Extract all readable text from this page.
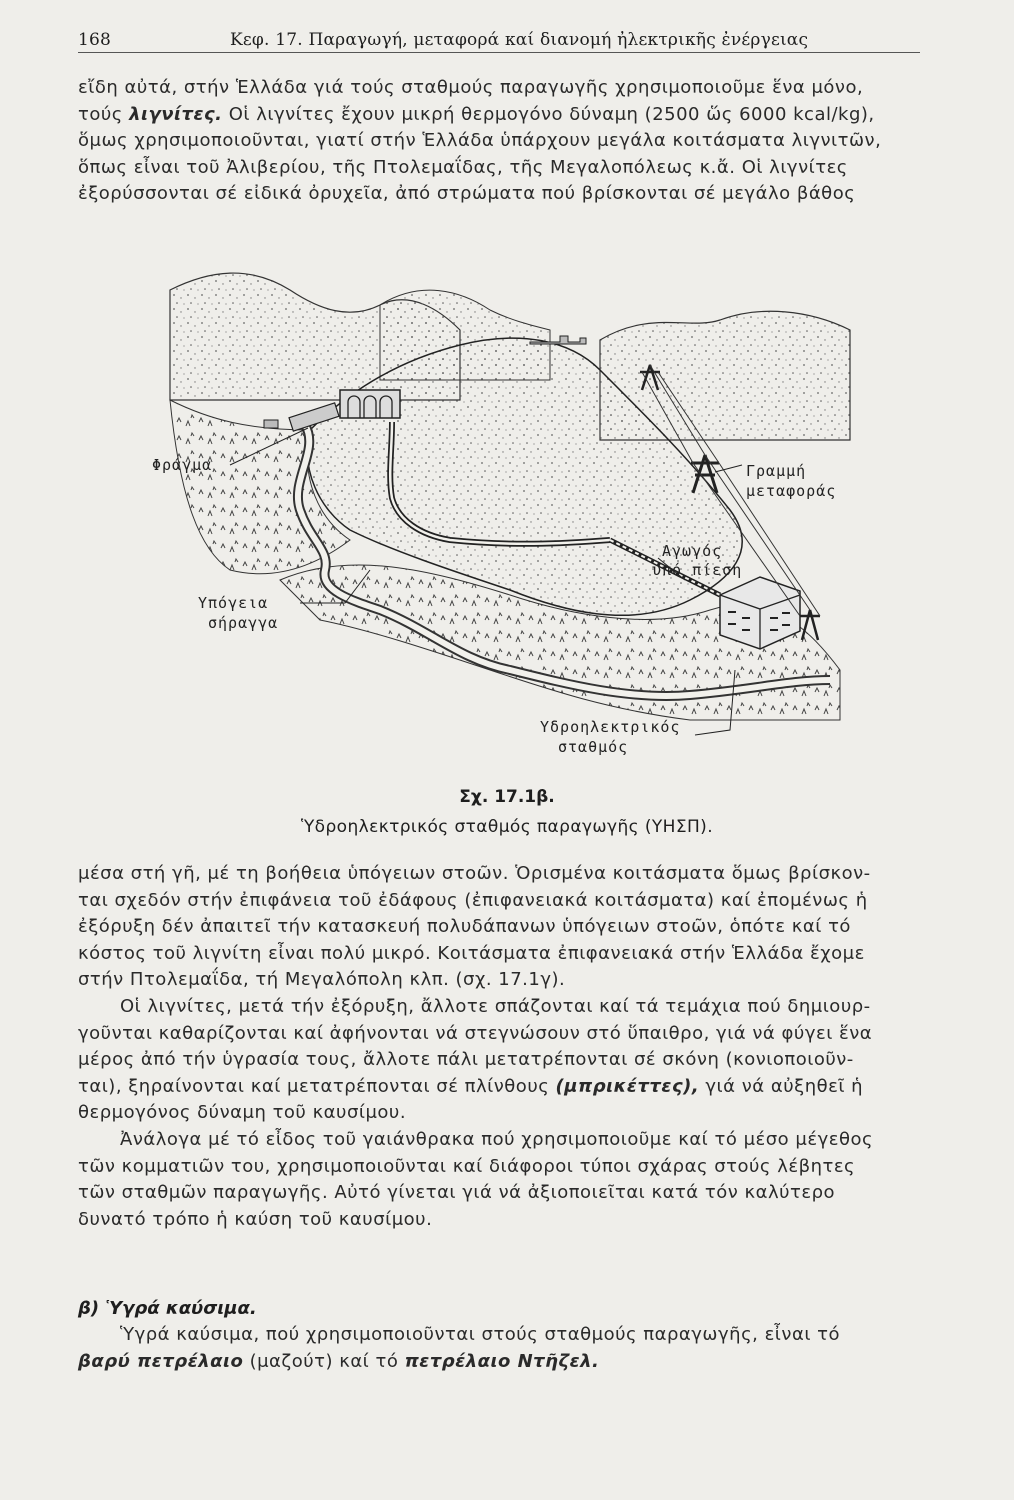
168	Κεφ. 17. Παραγωγή, μεταφορά καί διανομή ἠλεκτρικῆς ἐνέργειας
εἴδη αὐτά, στήν Ἑλλάδα γιά τούς σταθμούς παραγωγῆς χρησιμοποιοῦμε ἕνα μόνο,
τούς λιγνίτες. Οἱ λιγνίτες ἔχουν μικρή θερμογόνο δύναμη (2500 ὥς 6000 kcal/kg),
ὅμως χρησιμοποιοῦνται, γιατί στήν Ἑλλάδα ὑπάρχουν μεγάλα κοιτάσματα λιγνιτῶν,
ὅπως εἶναι τοῦ Ἀλιβερίου, τῆς Πτολεμαΐδας, τῆς Μεγαλοπόλεως κ.ἄ. Οἱ λιγνίτες
ἐξορύσσονται σέ εἰδικά ὀρυχεῖα, ἀπό στρώματα πού βρίσκονται σέ μεγάλο βάθος
Φράγμα
Υπόγεια
σήραγγα
Γραμμή
μεταφοράς
Αγωγός
υπό πίεση
Υδροηλεκτρικός
σταθμός
Σχ. 17.1β.
Ὑδροηλεκτρικός σταθμός παραγωγῆς (ΥΗΣΠ).
μέσα στή γῆ, μέ τη βοήθεια ὑπόγειων στοῶν. Ὁρισμένα κοιτάσματα ὅμως βρίσκον-
ται σχεδόν στήν ἐπιφάνεια τοῦ ἐδάφους (ἐπιφανειακά κοιτάσματα) καί ἐπομένως ἡ
ἐξόρυξη δέν ἀπαιτεῖ τήν κατασκευή πολυδάπανων ὑπόγειων στοῶν, ὁπότε καί τό
κόστος τοῦ λιγνίτη εἶναι πολύ μικρό. Κοιτάσματα ἐπιφανειακά στήν Ἑλλάδα ἔχομε
στήν Πτολεμαΐδα, τή Μεγαλόπολη κλπ. (σχ. 17.1γ).
Οἱ λιγνίτες, μετά τήν ἐξόρυξη, ἄλλοτε σπάζονται καί τά τεμάχια πού δημιουρ-
γοῦνται καθαρίζονται καί ἀφήνονται νά στεγνώσουν στό ὕπαιθρο, γιά νά φύγει ἕνα
μέρος ἀπό τήν ὑγρασία τους, ἄλλοτε πάλι μετατρέπονται σέ σκόνη (κονιοποιοῦν-
ται), ξηραίνονται καί μετατρέπονται σέ πλίνθους (μπρικέττες), γιά νά αὐξηθεῖ ἡ
θερμογόνος δύναμη τοῦ καυσίμου.
Ἀνάλογα μέ τό εἶδος τοῦ γαιάνθρακα πού χρησιμοποιοῦμε καί τό μέσο μέγεθος
τῶν κομματιῶν του, χρησιμοποιοῦνται καί διάφοροι τύποι σχάρας στούς λέβητες
τῶν σταθμῶν παραγωγῆς. Αὐτό γίνεται γιά νά ἀξιοποιεῖται κατά τόν καλύτερο
δυνατό τρόπο ἡ καύση τοῦ καυσίμου.
β) Ὑγρά καύσιμα.
Ὑγρά καύσιμα, πού χρησιμοποιοῦνται στούς σταθμούς παραγωγῆς, εἶναι τό
βαρύ πετρέλαιο (μαζούτ) καί τό πετρέλαιο Ντῆζελ.
